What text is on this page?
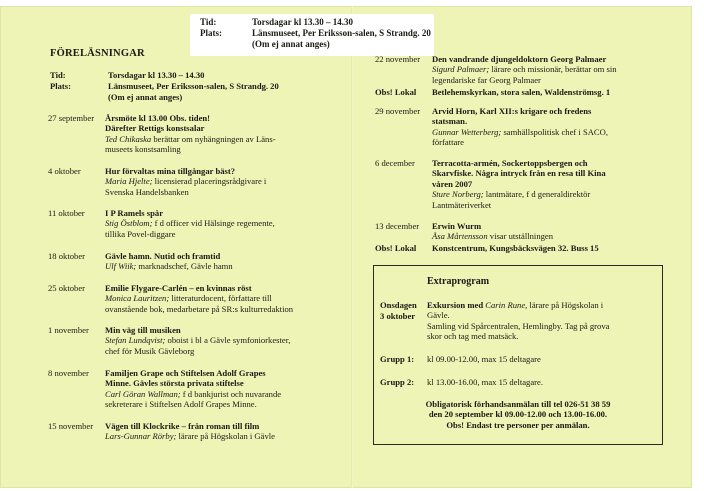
Tid:	Torsdagar kl 13.30 – 14.30
Plats:	Länsmuseet, Per Eriksson-salen, S Strandg. 20
(Om ej annat anges)
FÖRELÄSNINGAR
Tid:	Torsdagar kl 13.30 – 14.30
Plats:	Länsmuseet, Per Eriksson-salen, S Strandg. 20
(Om ej annat anges)
27 september Årsmöte kl 13.00 Obs. tiden!
Därefter Rettigs konstsalar
Ted Chikaska berättar om nyhängningen av Läns-
museets konstsamling
4 oktober	Hur förvaltas mina tillgångar bäst?
Maria Hjelte; licensierad placeringsrådgivare i
Svenska Handelsbanken
11 oktober I P Ramels spår
Stig Östblom; f d officer vid Hälsinge regemente,
tillika Povel-diggare
18 oktober Gävle hamn. Nutid och framtid
Ulf Wiik; marknadschef, Gävle hamn
25 oktober Emilie Flygare-Carlén – en kvinnas röst
Monica Lauritzen; litteraturdocent, författare till
ovanstående bok, medarbetare på SR:s kulturredaktion
1 november Min väg till musiken
Stefan Lundqvist; oboist i bl a Gävle symfoniorkester,
chef för Musik Gävleborg
8 november Familjen Grape och Stiftelsen Adolf Grapes
Minne. Gävles största privata stiftelse
Carl Göran Wallman; f d bankjurist och nuvarande
sekreterare i Stiftelsen Adolf Grapes Minne.
15 november Vägen till Klockrike – från roman till film
Lars-Gunnar Rörby; lärare på Högskolan i Gävle
22 november Den vandrande djungeldoktorn Georg Palmaer
Sigurd Palmaer; lärare och missionär, berättar om sin
legendariske far Georg Palmaer
Obs! Lokal Betlehemskyrkan, stora salen, Waldenströmsg. 1
29 november Arvid Horn, Karl XII:s krigare och fredens
statsman.
Gunnar Wetterberg; samhällspolitisk chef i SACO,
författare
6 december Terracotta-armén, Sockertoppsbergen och
Skarvfiske. Några intryck från en resa till Kina
våren 2007
Sture Norberg; lantmätare, f d generaldirektör
Lantmäteriverket
13 december Erwin Wurm
Åsa Mårtensson visar utställningen
Obs! Lokal Konstcentrum, Kungsbäcksvägen 32. Buss 15
Extraprogram
Onsdagen
3 oktober
Exkursion med Carin Rune, lärare på Högskolan i
Gävle.
Samling vid Spårcentralen, Hemlingby. Tag på grova
skor och tag med matsäck.
Grupp 1: kl 09.00-12.00, max 15 deltagare
Grupp 2: kl 13.00-16.00, max 15 deltagare.
Obligatorisk förhandsanmälan till tel 026-51 38 59
den 20 september kl 09.00-12.00 och 13.00-16.00.
Obs! Endast tre personer per anmälan.
